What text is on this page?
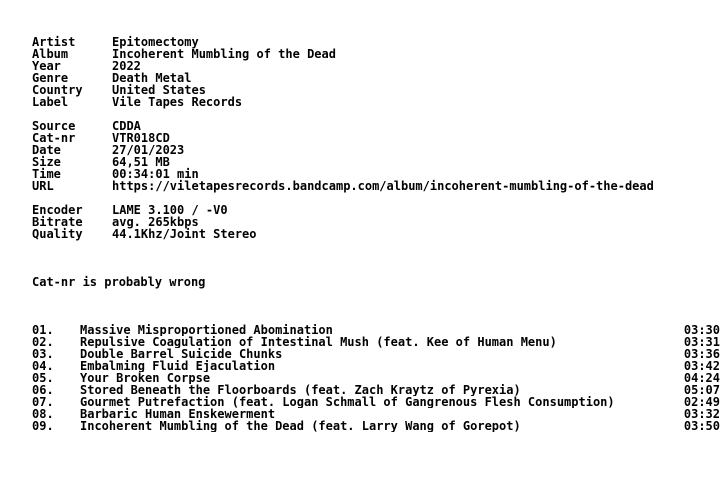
Artist	Epitomectomy
Album	Incoherent Mumbling of the Dead
Year	2022
Genre	Death Metal
Country	United States
Label	Vile Tapes Records
Source	CDDA
Cat-nr	VTR018CD
Date	27/01/2023
Size	64,51 MB
Time	00:34:01 min
URL	https://viletapesrecords.bandcamp.com/album/incoherent-mumbling-of-the-dead
Encoder	LAME 3.100 / -V0
Bitrate	avg. 265kbps
Quality	44.1Khz/Joint Stereo
Cat-nr is probably wrong
01.	Massive Misproportioned Abomination	03:30
02.	Repulsive Coagulation of Intestinal Mush (feat. Kee of Human Menu)	03:31
03.	Double Barrel Suicide Chunks	03:36
04.	Embalming Fluid Ejaculation	03:42
05.	Your Broken Corpse	04:24
06.	Stored Beneath the Floorboards (feat. Zach Kraytz of Pyrexia)	05:07
07.	Gourmet Putrefaction (feat. Logan Schmall of Gangrenous Flesh Consumption)	02:49
08.	Barbaric Human Enskewerment	03:32
09.	Incoherent Mumbling of the Dead (feat. Larry Wang of Gorepot)	03:50
